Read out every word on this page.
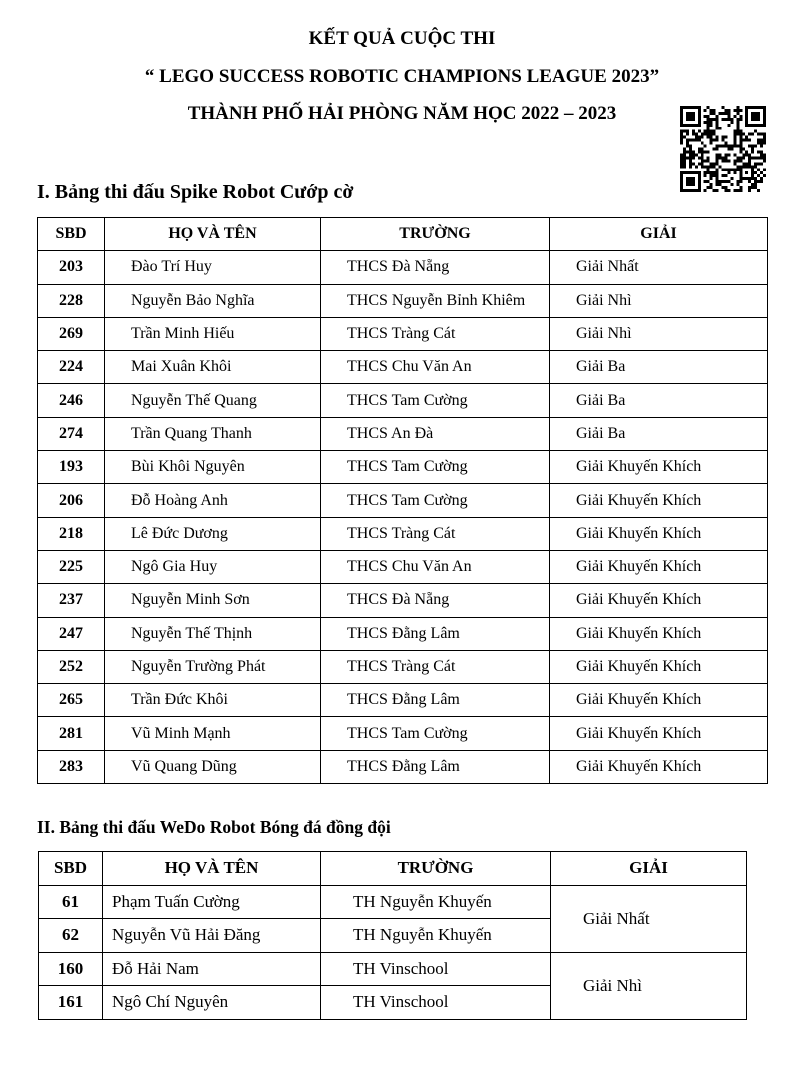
KẾT QUẢ CUỘC THI
“ LEGO SUCCESS ROBOTIC CHAMPIONS LEAGUE 2023”
THÀNH PHỐ HẢI PHÒNG NĂM HỌC 2022 – 2023
I. Bảng thi đấu Spike Robot Cướp cờ
SBD	HỌ VÀ TÊN	TRƯỜNG	GIẢI
203	Đào Trí Huy	THCS Đà Nẵng	Giải Nhất
228	Nguyễn Bảo Nghĩa	THCS Nguyễn Bỉnh Khiêm	Giải Nhì
269	Trần Minh Hiếu	THCS Tràng Cát	Giải Nhì
224	Mai Xuân Khôi	THCS Chu Văn An	Giải Ba
246	Nguyễn Thế Quang	THCS Tam Cường	Giải Ba
274	Trần Quang Thanh	THCS An Đà	Giải Ba
193	Bùi Khôi Nguyên	THCS Tam Cường	Giải Khuyến Khích
206	Đỗ Hoàng Anh	THCS Tam Cường	Giải Khuyến Khích
218	Lê Đức Dương	THCS Tràng Cát	Giải Khuyến Khích
225	Ngô Gia Huy	THCS Chu Văn An	Giải Khuyến Khích
237	Nguyễn Minh Sơn	THCS Đà Nẵng	Giải Khuyến Khích
247	Nguyễn Thế Thịnh	THCS Đằng Lâm	Giải Khuyến Khích
252	Nguyễn Trường Phát	THCS Tràng Cát	Giải Khuyến Khích
265	Trần Đức Khôi	THCS Đằng Lâm	Giải Khuyến Khích
281	Vũ Minh Mạnh	THCS Tam Cường	Giải Khuyến Khích
283	Vũ Quang Dũng	THCS Đằng Lâm	Giải Khuyến Khích
II. Bảng thi đấu WeDo Robot Bóng đá đồng đội
SBD	HỌ VÀ TÊN	TRƯỜNG	GIẢI
61	Phạm Tuấn Cường	TH Nguyễn Khuyến	Giải Nhất
62	Nguyễn Vũ Hải Đăng	TH Nguyễn Khuyến	
160	Đỗ Hải Nam	TH Vinschool	Giải Nhì
161	Ngô Chí Nguyên	TH Vinschool	
